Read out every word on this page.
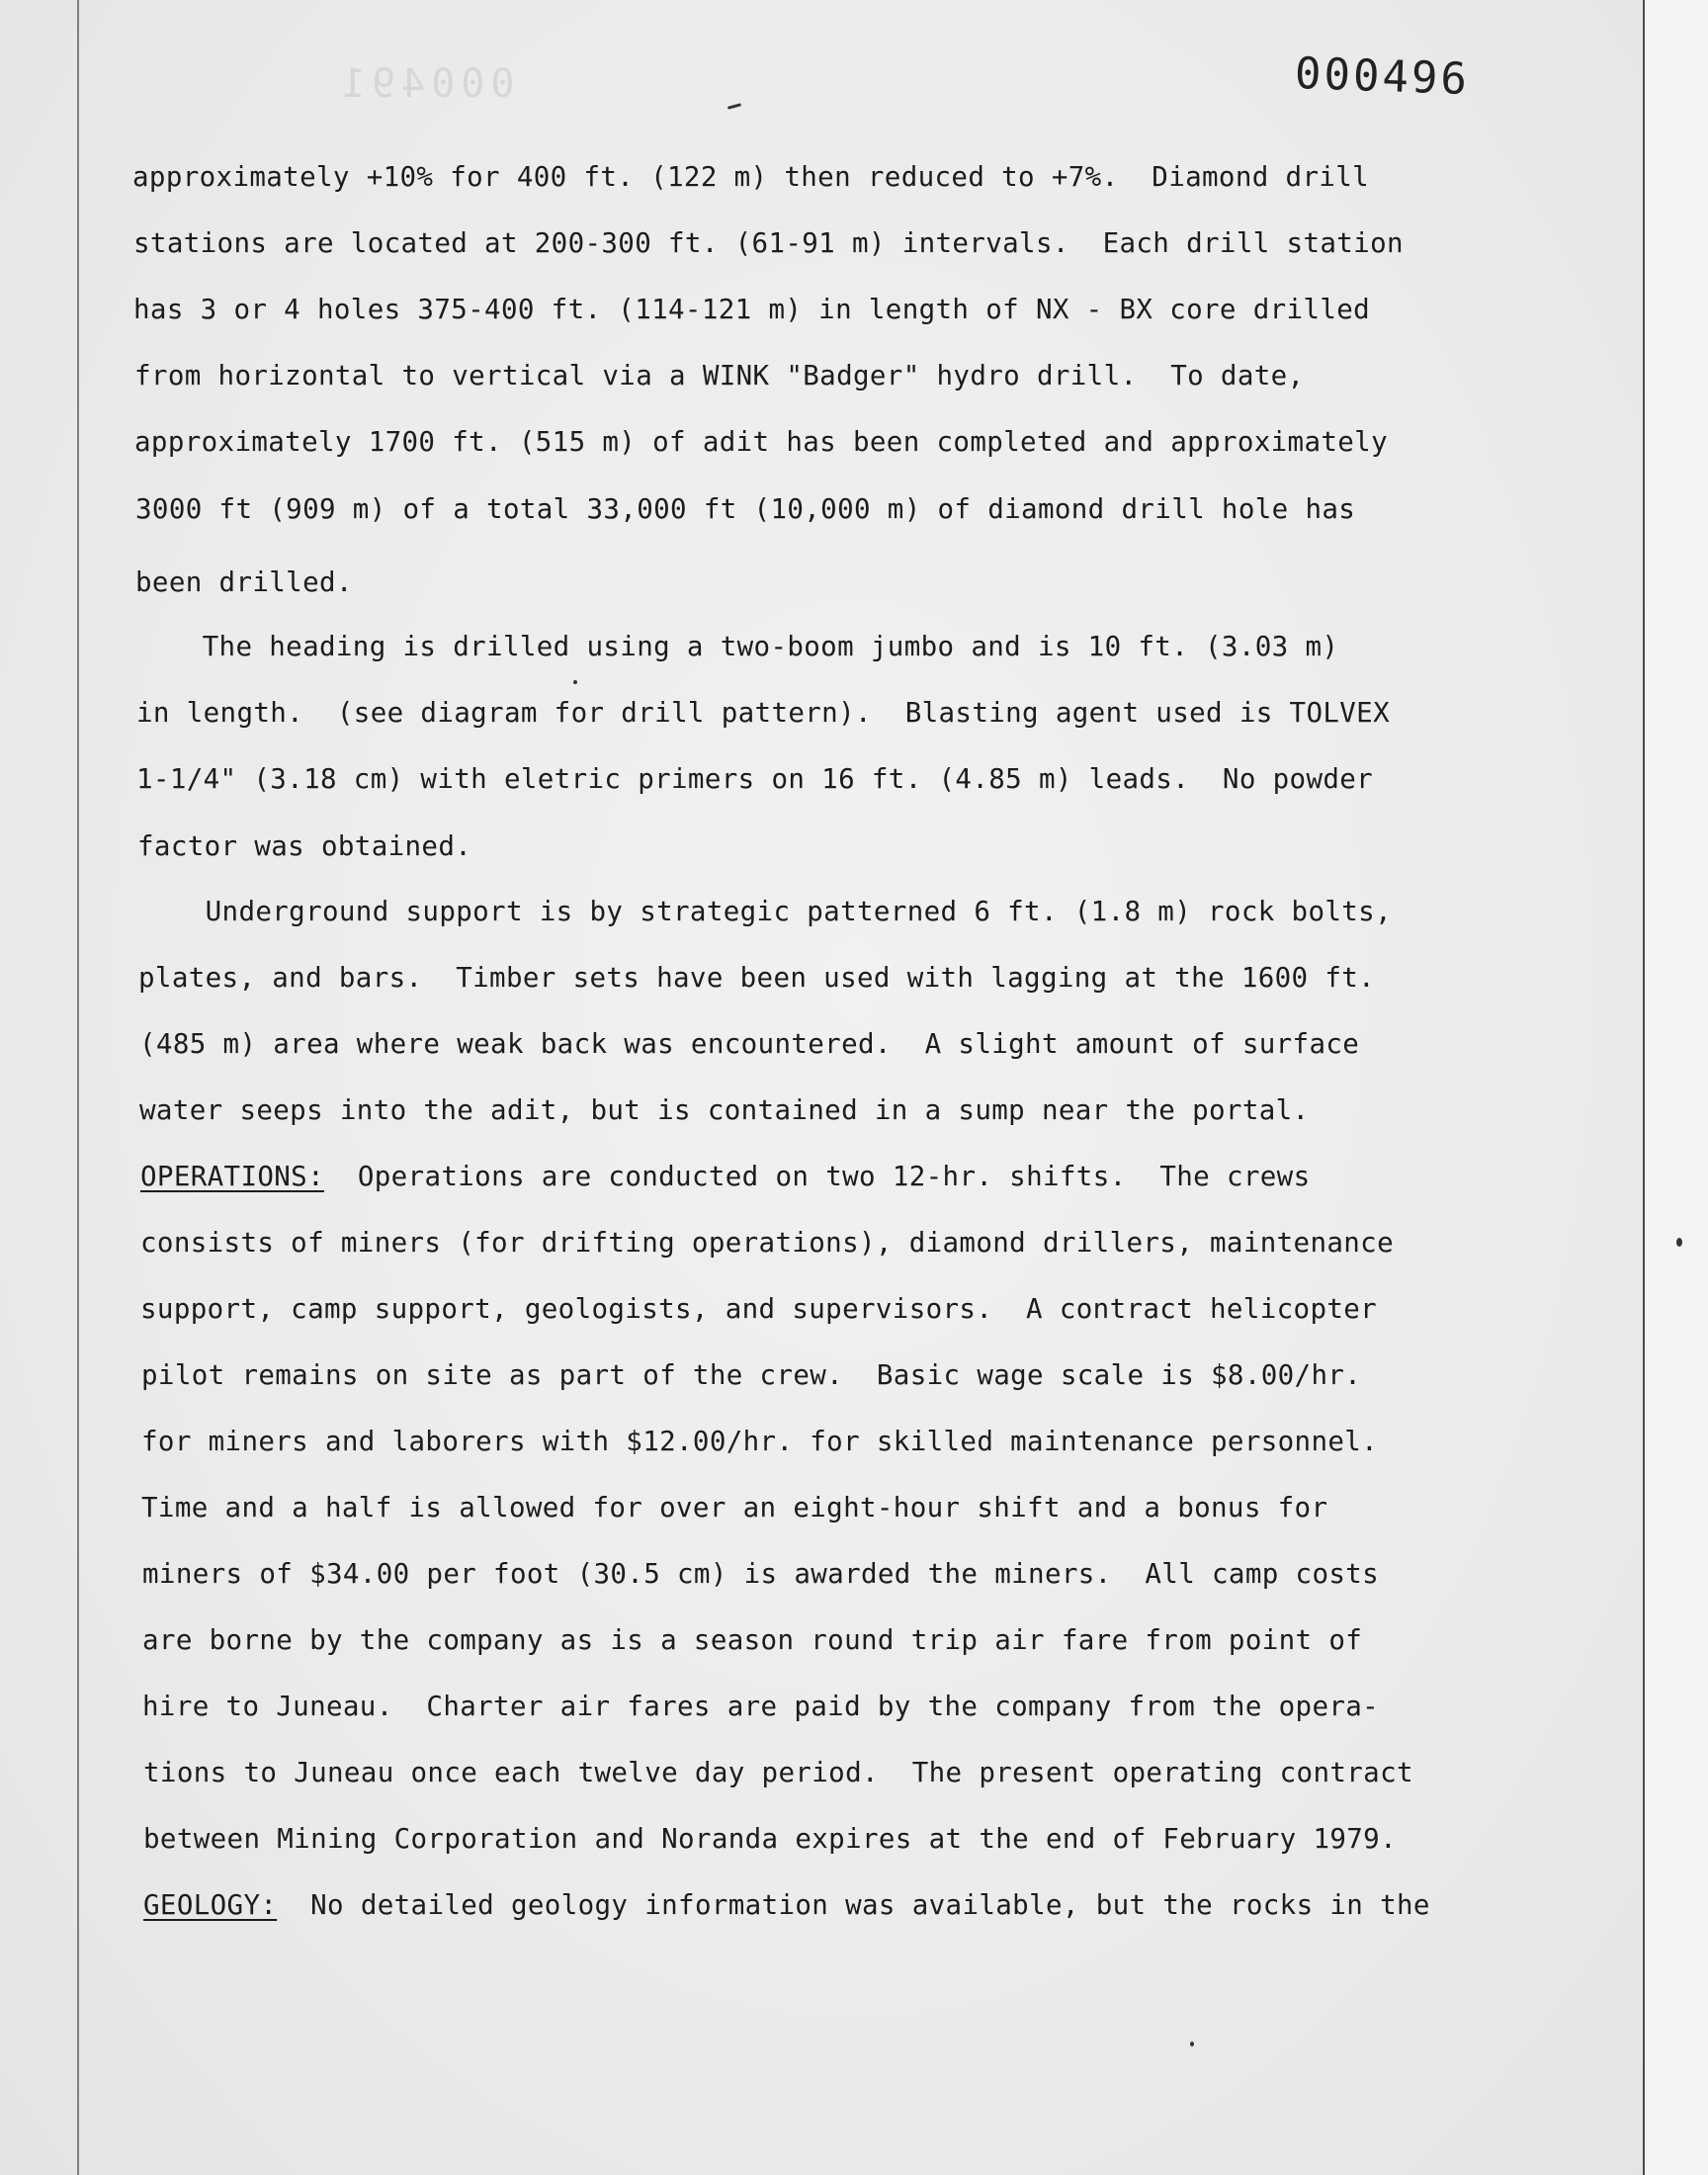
000491	000496
approximately +10% for 400 ft. (122 m) then reduced to +7%.  Diamond drill
stations are located at 200-300 ft. (61-91 m) intervals.  Each drill station
has 3 or 4 holes 375-400 ft. (114-121 m) in length of NX - BX core drilled
from horizontal to vertical via a WINK "Badger" hydro drill.  To date,
approximately 1700 ft. (515 m) of adit has been completed and approximately
3000 ft (909 m) of a total 33,000 ft (10,000 m) of diamond drill hole has
been drilled.
The heading is drilled using a two-boom jumbo and is 10 ft. (3.03 m)
in length.  (see diagram for drill pattern).  Blasting agent used is TOLVEX
1-1/4" (3.18 cm) with eletric primers on 16 ft. (4.85 m) leads.  No powder
factor was obtained.
Underground support is by strategic patterned 6 ft. (1.8 m) rock bolts,
plates, and bars.  Timber sets have been used with lagging at the 1600 ft.
(485 m) area where weak back was encountered.  A slight amount of surface
water seeps into the adit, but is contained in a sump near the portal.
OPERATIONS: Operations are conducted on two 12-hr. shifts.  The crews
consists of miners (for drifting operations), diamond drillers, maintenance
support, camp support, geologists, and supervisors.  A contract helicopter
pilot remains on site as part of the crew.  Basic wage scale is $8.00/hr.
for miners and laborers with $12.00/hr. for skilled maintenance personnel.
Time and a half is allowed for over an eight-hour shift and a bonus for
miners of $34.00 per foot (30.5 cm) is awarded the miners.  All camp costs
are borne by the company as is a season round trip air fare from point of
hire to Juneau.  Charter air fares are paid by the company from the opera-
tions to Juneau once each twelve day period.  The present operating contract
between Mining Corporation and Noranda expires at the end of February 1979.
GEOLOGY: No detailed geology information was available, but the rocks in the
